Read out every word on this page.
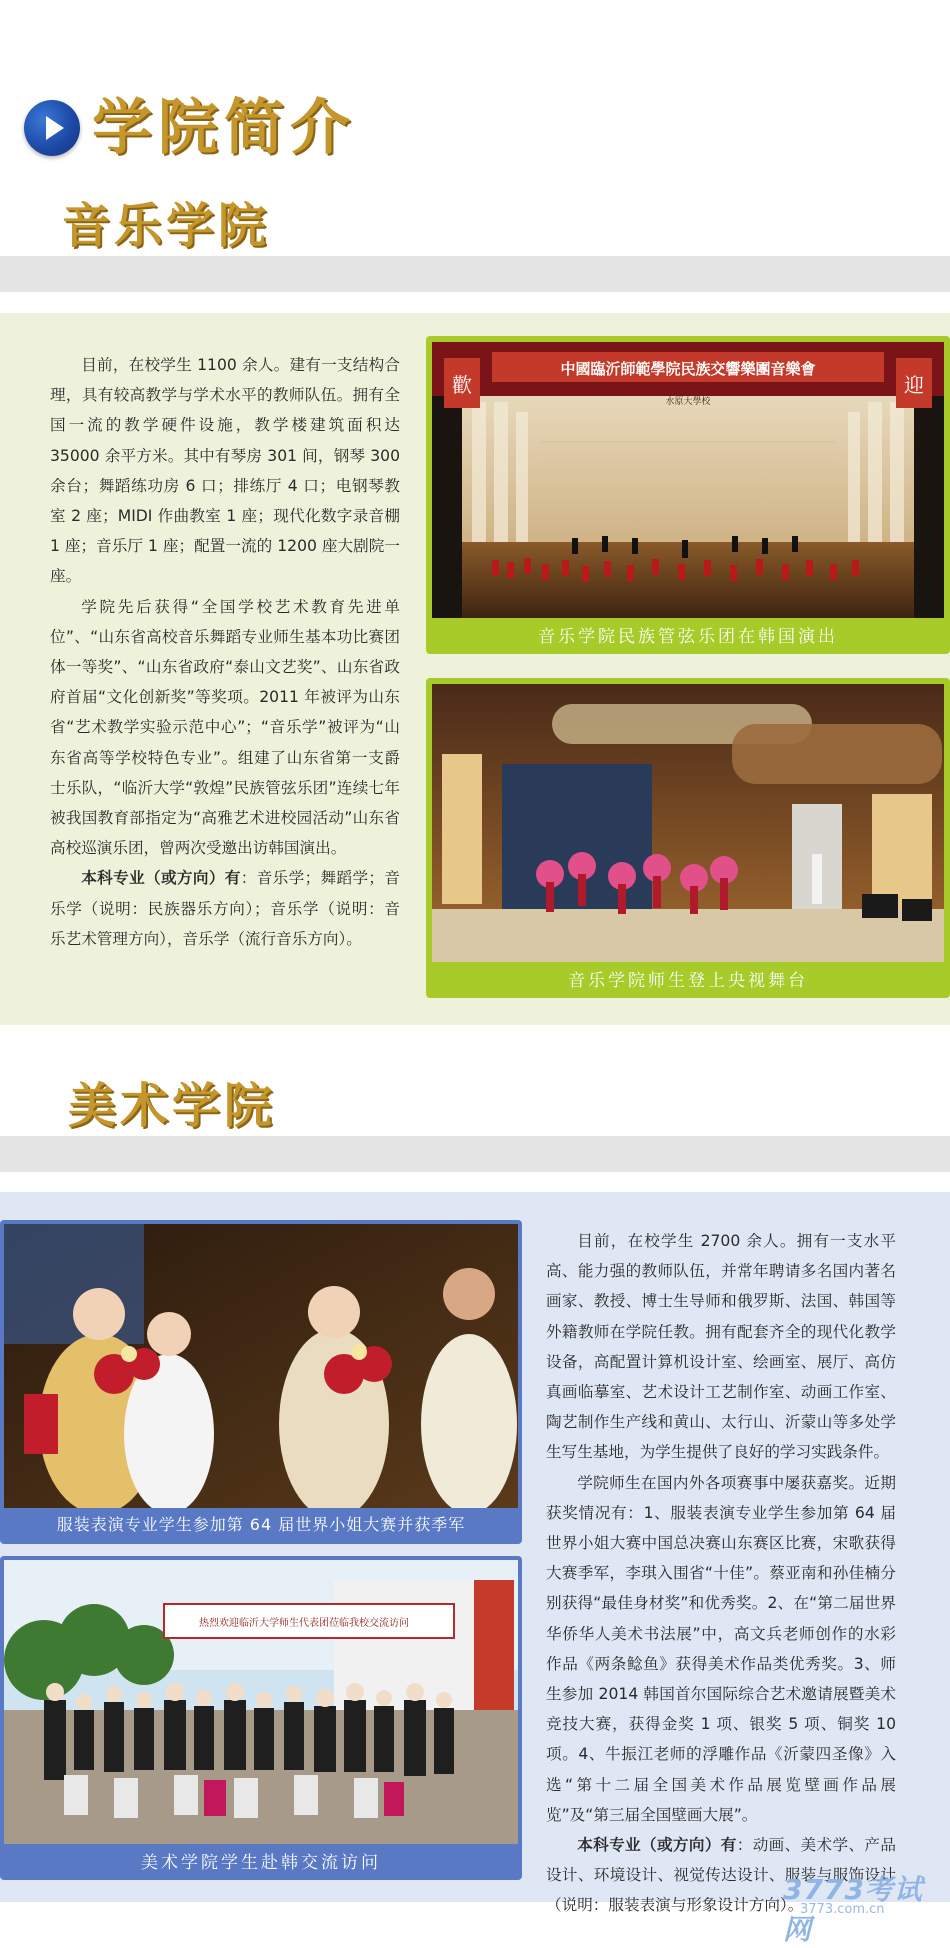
学院简介
音乐学院

目前，在校学生 1100 余人。建有一支结构合理，具有较高教学与学术水平的教师队伍。拥有全国一流的教学硬件设施，教学楼建筑面积达 35000 余平方米。其中有琴房 301 间，钢琴 300 余台；舞蹈练功房 6 口；排练厅 4 口；电钢琴教室 2 座；MIDI 作曲教室 1 座；现代化数字录音棚 1 座；音乐厅 1 座；配置一流的 1200 座大剧院一座。

学院先后获得“全国学校艺术教育先进单位”、“山东省高校音乐舞蹈专业师生基本功比赛团体一等奖”、“山东省政府“泰山文艺奖”、山东省政府首届“文化创新奖”等奖项。2011 年被评为山东省“艺术教学实验示范中心”；“音乐学”被评为“山东省高等学校特色专业”。组建了山东省第一支爵士乐队，“临沂大学“敦煌”民族管弦乐团”连续七年被我国教育部指定为“高雅艺术进校园活动”山东省高校巡演乐团，曾两次受邀出访韩国演出。

本科专业（或方向）有：音乐学；舞蹈学；音乐学（说明：民族器乐方向）；音乐学（说明：音乐艺术管理方向），音乐学（流行音乐方向）。

中國臨沂師範學院民族交響樂團音樂會
水原大學校
歡	迎
音乐学院民族管弦乐团在韩国演出
音乐学院师生登上央视舞台
美术学院
服装表演专业学生参加第 64 届世界小姐大赛并获季军
热烈欢迎临沂大学师生代表团莅临我校交流访问
美术学院学生赴韩交流访问

目前，在校学生 2700 余人。拥有一支水平高、能力强的教师队伍，并常年聘请多名国内著名画家、教授、博士生导师和俄罗斯、法国、韩国等外籍教师在学院任教。拥有配套齐全的现代化教学设备，高配置计算机设计室、绘画室、展厅、高仿真画临摹室、艺术设计工艺制作室、动画工作室、陶艺制作生产线和黄山、太行山、沂蒙山等多处学生写生基地，为学生提供了良好的学习实践条件。

学院师生在国内外各项赛事中屡获嘉奖。近期获奖情况有：1、服装表演专业学生参加第 64 届世界小姐大赛中国总决赛山东赛区比赛，宋歌获得大赛季军，李琪入围省“十佳”。蔡亚南和孙佳楠分别获得“最佳身材奖”和优秀奖。2、在“第二届世界华侨华人美术书法展”中，高文兵老师创作的水彩作品《两条鲶鱼》获得美术作品类优秀奖。3、师生参加 2014 韩国首尔国际综合艺术邀请展暨美术竞技大赛，获得金奖 1 项、银奖 5 项、铜奖 10 项。4、牛振江老师的浮雕作品《沂蒙四圣像》入选“第十二届全国美术作品展览壁画作品展览”及“第三届全国壁画大展”。

本科专业（或方向）有：动画、美术学、产品设计、环境设计、视觉传达设计、服装与服饰设计（说明：服装表演与形象设计方向）。

3773考试网
3773.com.cn
